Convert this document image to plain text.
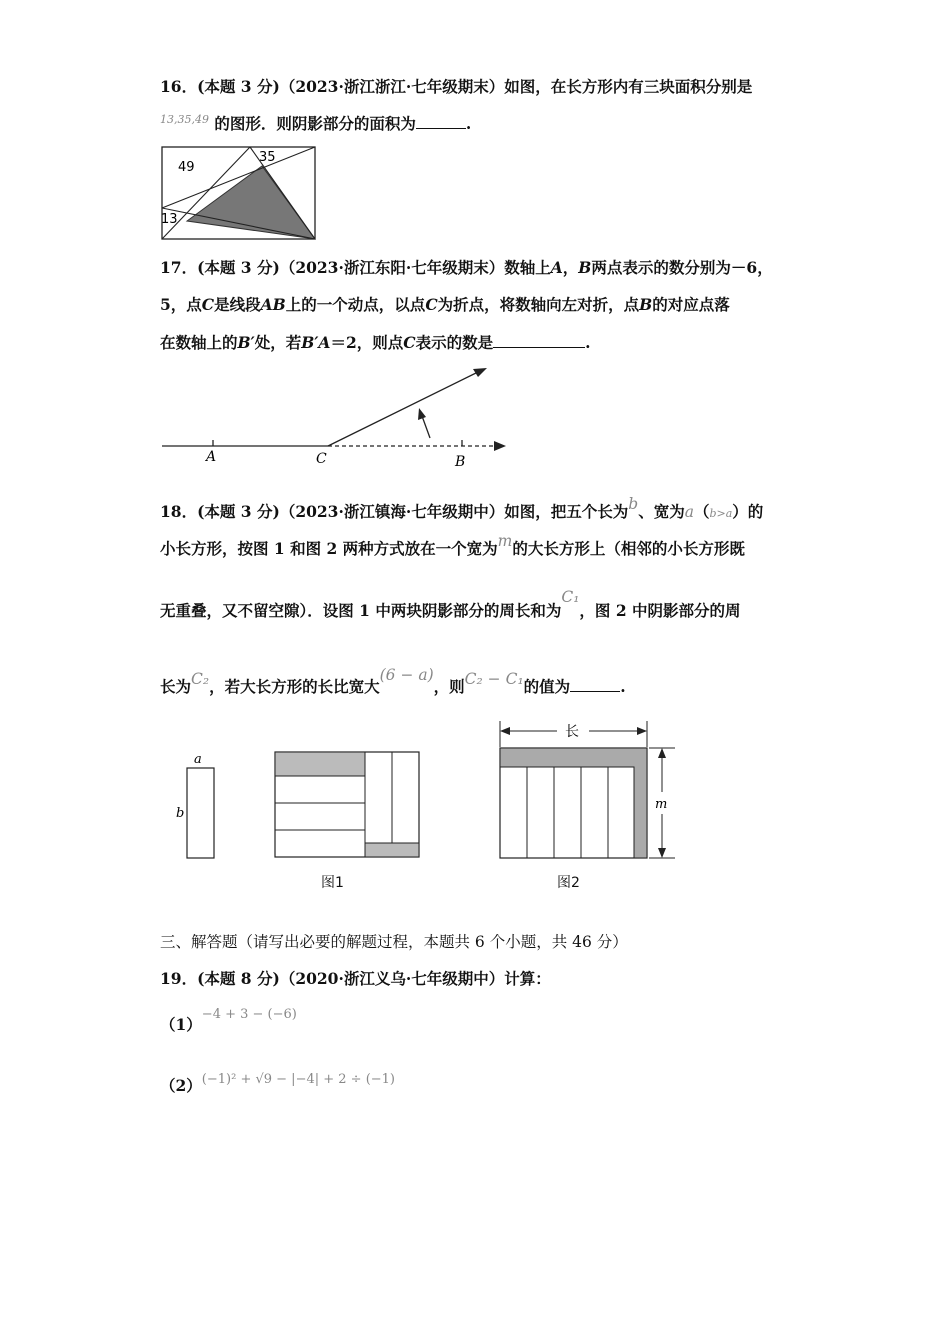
16．(本题 3 分)（2023·浙江浙江·七年级期末）如图，在长方形内有三块面积分别是
$^{13,35,49}$ 的图形．则阴影部分的面积为	.
49
35
13
17．(本题 3 分)（2023·浙江东阳·七年级期末）数轴上A，B两点表示的数分别为－6，
5，点C是线段AB上的一个动点，以点C为折点，将数轴向左对折，点B的对应点落
在数轴上的B′处，若B′A＝2，则点C表示的数是	.
A	C	B
18．(本题 3 分)（2023·浙江镇海·七年级期中）如图，把五个长为b、宽为a（b>a）的
小长方形，按图 1 和图 2 两种方式放在一个宽为m的大长方形上（相邻的小长方形既
无重叠，又不留空隙）．设图 1 中两块阴影部分的周长和为C₁，图 2 中阴影部分的周
长为C₂，若大长方形的长比宽大(6 − a)，则C₂ − C₁的值为	.
a
b
图1
长
m
图2
三、解答题（请写出必要的解题过程，本题共 6 个小题，共 46 分）
19．(本题 8 分)（2020·浙江义乌·七年级期中）计算：
$(1)^{-4 + 3 - (-6)}$
$(2)^{(-1)^2 + √9 - |-4| + 2 \div (-1)}$
